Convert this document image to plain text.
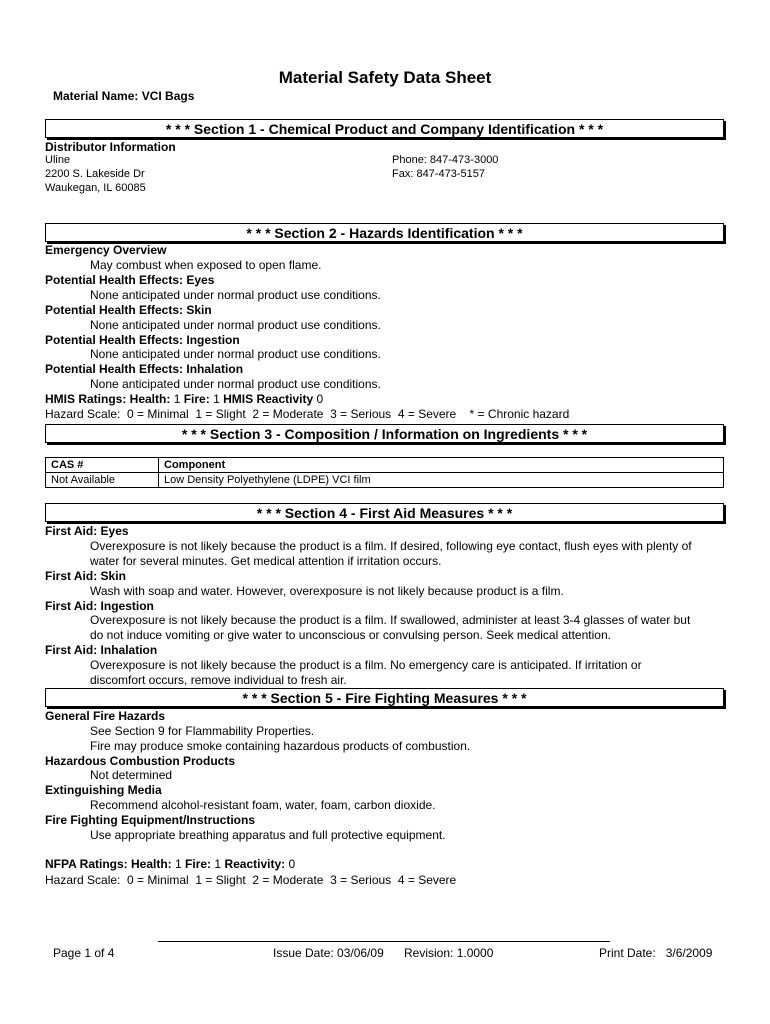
Material Safety Data Sheet
Material Name: VCI Bags
* * * Section 1 - Chemical Product and Company Identification * * *
Distributor Information
Uline
2200 S. Lakeside Dr
Waukegan, IL 60085
Phone: 847-473-3000
Fax: 847-473-5157
* * * Section 2 - Hazards Identification * * *
Emergency Overview
May combust when exposed to open flame.
Potential Health Effects: Eyes
None anticipated under normal product use conditions.
Potential Health Effects: Skin
None anticipated under normal product use conditions.
Potential Health Effects: Ingestion
None anticipated under normal product use conditions.
Potential Health Effects: Inhalation
None anticipated under normal product use conditions.
HMIS Ratings: Health: 1 Fire: 1 HMIS Reactivity 0
Hazard Scale:  0 = Minimal  1 = Slight  2 = Moderate  3 = Serious  4 = Severe    * = Chronic hazard
* * * Section 3 - Composition / Information on Ingredients * * *
CAS #	Component
Not Available	Low Density Polyethylene (LDPE) VCI film
* * * Section 4 - First Aid Measures * * *
First Aid: Eyes
Overexposure is not likely because the product is a film. If desired, following eye contact, flush eyes with plenty of
water for several minutes. Get medical attention if irritation occurs.
First Aid: Skin
Wash with soap and water. However, overexposure is not likely because product is a film.
First Aid: Ingestion
Overexposure is not likely because the product is a film. If swallowed, administer at least 3-4 glasses of water but
do not induce vomiting or give water to unconscious or convulsing person. Seek medical attention.
First Aid: Inhalation
Overexposure is not likely because the product is a film. No emergency care is anticipated. If irritation or
discomfort occurs, remove individual to fresh air.
* * * Section 5 - Fire Fighting Measures * * *
General Fire Hazards
See Section 9 for Flammability Properties.
Fire may produce smoke containing hazardous products of combustion.
Hazardous Combustion Products
Not determined
Extinguishing Media
Recommend alcohol-resistant foam, water, foam, carbon dioxide.
Fire Fighting Equipment/Instructions
Use appropriate breathing apparatus and full protective equipment.
NFPA Ratings: Health: 1 Fire: 1 Reactivity: 0
Hazard Scale:  0 = Minimal  1 = Slight  2 = Moderate  3 = Serious  4 = Severe
Page 1 of 4	Issue Date: 03/06/09 Revision: 1.0000	Print Date:   3/6/2009
